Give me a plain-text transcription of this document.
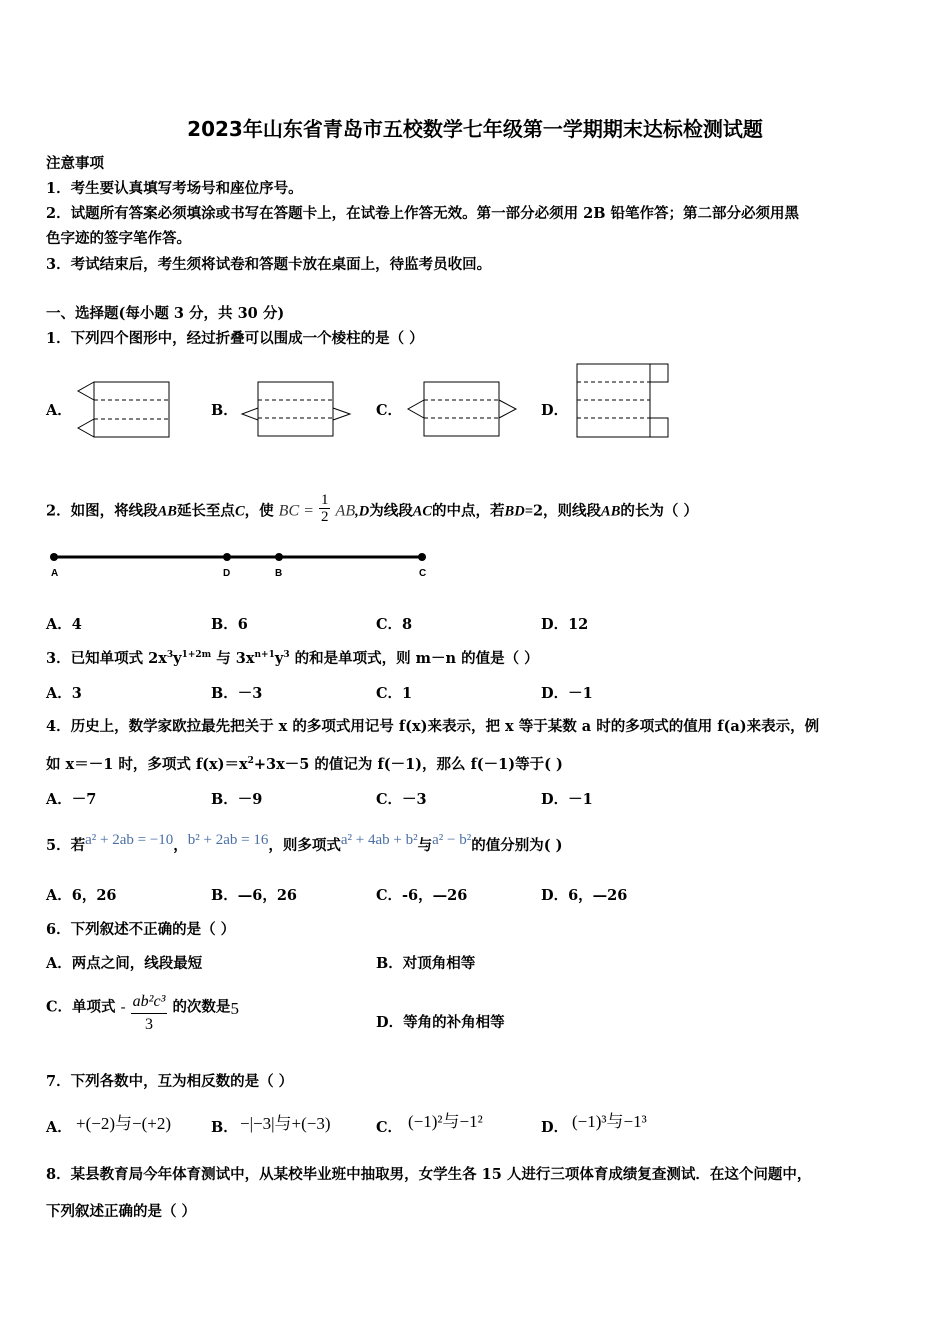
2023年山东省青岛市五校数学七年级第一学期期末达标检测试题
注意事项
1．考生要认真填写考场号和座位序号。
2．试题所有答案必须填涂或书写在答题卡上，在试卷上作答无效。第一部分必须用 2B 铅笔作答；第二部分必须用黑
色字迹的签字笔作答。
3．考试结束后，考生须将试卷和答题卡放在桌面上，待监考员收回。
一、选择题(每小题 3 分，共 30 分)
1．下列四个图形中，经过折叠可以围成一个棱柱的是（ ）
A．	B．	C．	D．
2．如图，将线段AB延长至点C，使 BC = $\frac{1}{2} AB,D$为线段AC的中点，若BD=2，则线段AB的长为（ ）
A	D	B	C
A．4	B．6	C．8	D．12
3．已知单项式 $2x^3y^{1+2m}$ 与 $3x^{n+1}y^3$ 的和是单项式，则 m－n 的值是（ ）
A．3	B．－3	C．1	D．－1
4．历史上，数学家欧拉最先把关于 x 的多项式用记号 f(x)来表示，把 x 等于某数 a 时的多项式的值用 f(a)来表示，例
如 x＝－1 时，多项式 $f(x)=x^2+3x-5$ 的值记为 f(－1)，那么 f(－1)等于( )
A．－7	B．－9	C．－3	D．－1
5．若a² + 2ab = −10，b² + 2ab = 16，则多项式a² + 4ab + b²与a² − b²的值分别为( )
A．6，26	B．—6，26	C．-6，—26	D．6，—26
6．下列叙述不正确的是（ ）
A．两点之间，线段最短	B．对顶角相等
C．单项式 - $\frac{\text{ab²c³}}{3}$ 的次数是5
D．等角的补角相等
7．下列各数中，互为相反数的是（ ）
A． +(−2)与−(+2)	B． −|−3|与+(−3)	C． (−1)²与−1²	D． (−1)³与−1³
8．某县教育局今年体育测试中，从某校毕业班中抽取男，女学生各 15 人进行三项体育成绩复查测试．在这个问题中，
下列叙述正确的是（ ）
